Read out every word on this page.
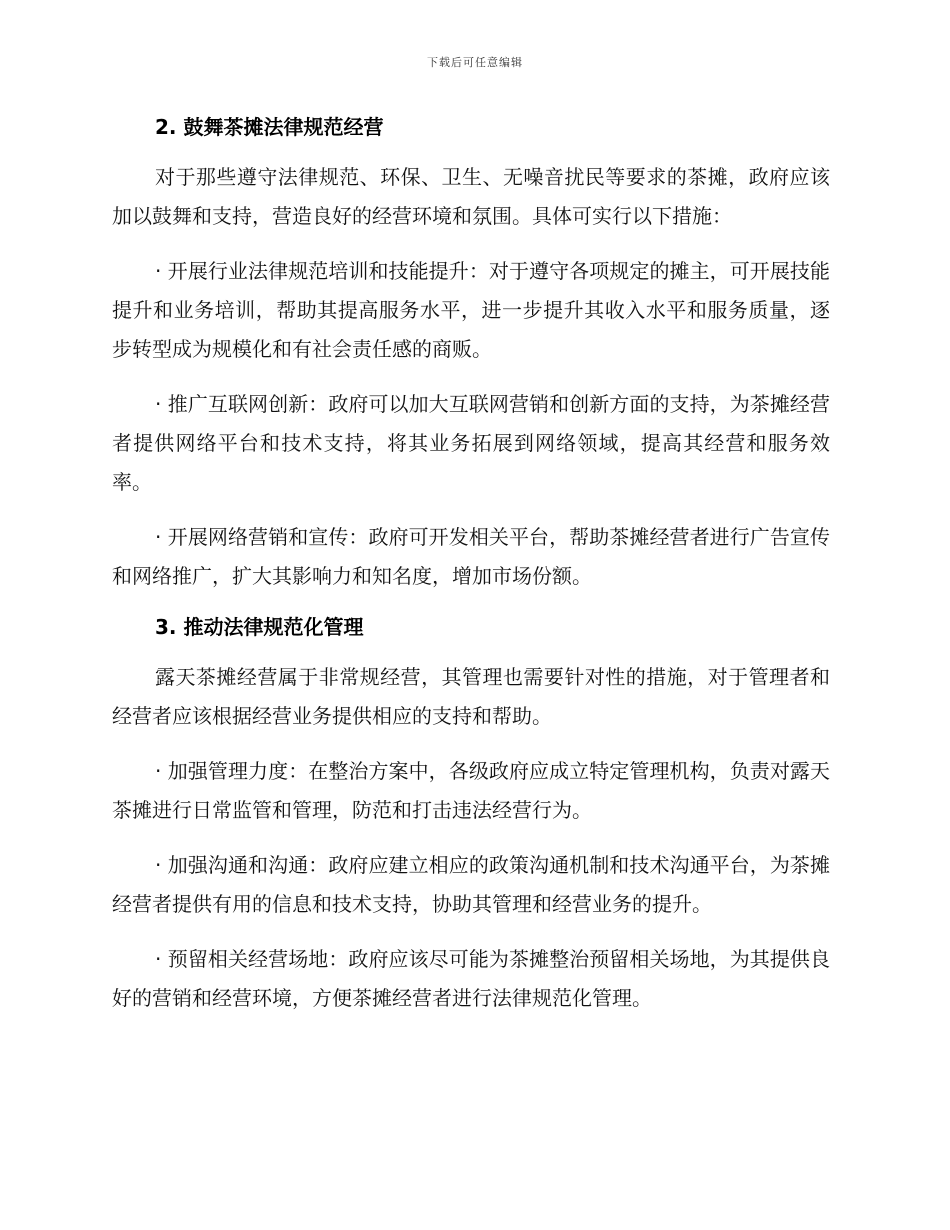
下载后可任意编辑
2. 鼓舞茶摊法律规范经营

对于那些遵守法律规范、环保、卫生、无噪音扰民等要求的茶摊，政府应该加以鼓舞和支持，营造良好的经营环境和氛围。具体可实行以下措施：

· 开展行业法律规范培训和技能提升：对于遵守各项规定的摊主，可开展技能提升和业务培训，帮助其提高服务水平，进一步提升其收入水平和服务质量，逐步转型成为规模化和有社会责任感的商贩。

· 推广互联网创新：政府可以加大互联网营销和创新方面的支持，为茶摊经营者提供网络平台和技术支持，将其业务拓展到网络领域，提高其经营和服务效率。

· 开展网络营销和宣传：政府可开发相关平台，帮助茶摊经营者进行广告宣传和网络推广，扩大其影响力和知名度，增加市场份额。

3. 推动法律规范化管理

露天茶摊经营属于非常规经营，其管理也需要针对性的措施，对于管理者和经营者应该根据经营业务提供相应的支持和帮助。

· 加强管理力度：在整治方案中，各级政府应成立特定管理机构，负责对露天茶摊进行日常监管和管理，防范和打击违法经营行为。

· 加强沟通和沟通：政府应建立相应的政策沟通机制和技术沟通平台，为茶摊经营者提供有用的信息和技术支持，协助其管理和经营业务的提升。

· 预留相关经营场地：政府应该尽可能为茶摊整治预留相关场地，为其提供良好的营销和经营环境，方便茶摊经营者进行法律规范化管理。
